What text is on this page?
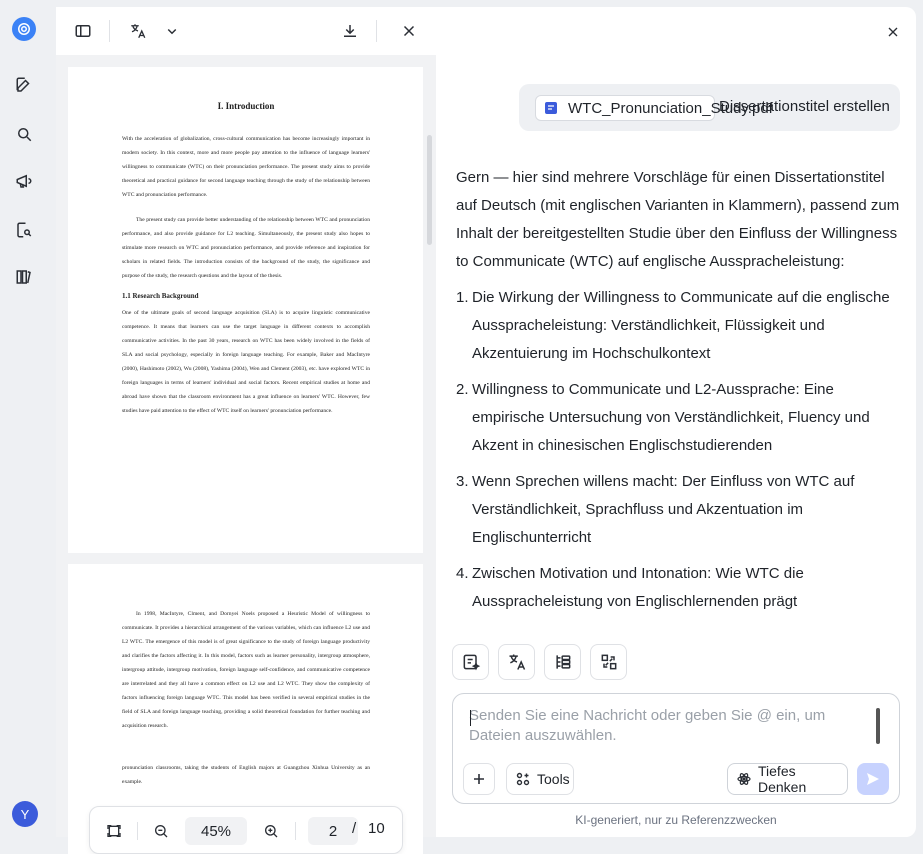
Y
I. Introduction
With the acceleration of globalization, cross-cultural communication has become increasingly important in modern society. In this context, more and more people pay attention to the influence of language learners' willingness to communicate (WTC) on their pronunciation performance. The present study aims to provide theoretical and practical guidance for second language teaching through the study of the relationship between WTC and pronunciation performance.
The present study can provide better understanding of the relationship between WTC and pronunciation performance, and also provide guidance for L2 teaching. Simultaneously, the present study also hopes to stimulate more research on WTC and pronunciation performance, and provide reference and inspiration for scholars in related fields. The introduction consists of the background of the study, the significance and purpose of the study, the research questions and the layout of the thesis.
1.1 Research Background
One of the ultimate goals of second language acquisition (SLA) is to acquire linguistic communicative competence. It means that learners can use the target language in different contexts to accomplish communicative activities. In the past 30 years, research on WTC has been widely involved in the fields of SLA and social psychology, especially in foreign language teaching. For example, Baker and MacIntyre (2000), Hashimoto (2002), Wu (2008), Yashima (2004), Wen and Clement (2003), etc. have explored WTC in foreign languages in terms of learners' individual and social factors. Recent empirical studies at home and abroad have shown that the classroom environment has a great influence on learners' WTC. However, few studies have paid attention to the effect of WTC itself on learners' pronunciation performance.
In 1998, MacIntyre, Clment, and Dornyei Noels proposed a Heuristic Model of willingness to communicate. It provides a hierarchical arrangement of the various variables, which can influence L2 use and L2 WTC. The emergence of this model is of great significance to the study of foreign language productivity and clarifies the factors affecting it. In this model, factors such as learner personality, intergroup atmosphere, intergroup attitude, intergroup motivation, foreign language self-confidence, and communicative competence are interrelated and they all have a common effect on L2 use and L2 WTC. They show the complexity of factors influencing foreign language WTC. This model has been verified in several empirical studies in the field of SLA and foreign language teaching, providing a solid theoretical foundation for further teaching and acquisition research.
pronunciation classrooms, taking the students of English majors at Guangzhou Xinhua University as an example.
45%	2 / 10
WTC_Pronunciation_Study.pdf
Dissertationstitel erstellen
Gern — hier sind mehrere Vorschläge für einen Dissertationstitel auf Deutsch (mit englischen Varianten in Klammern), passend zum Inhalt der bereitgestellten Studie über den Einfluss der Willingness to Communicate (WTC) auf englische Ausspracheleistung:
1. Die Wirkung der Willingness to Communicate auf die englische Ausspracheleistung: Verständlichkeit, Flüssigkeit und Akzentuierung im Hochschulkontext
2. Willingness to Communicate und L2-Aussprache: Eine empirische Untersuchung von Verständlichkeit, Fluency und Akzent in chinesischen Englischstudierenden
3. Wenn Sprechen willens macht: Der Einfluss von WTC auf Verständlichkeit, Sprachfluss und Akzentuation im Englischunterricht
4. Zwischen Motivation und Intonation: Wie WTC die Ausspracheleistung von Englischlernenden prägt
Senden Sie eine Nachricht oder geben Sie @ ein, um Dateien auszuwählen.
Tools	Tiefes Denken
KI-generiert, nur zu Referenzzwecken
